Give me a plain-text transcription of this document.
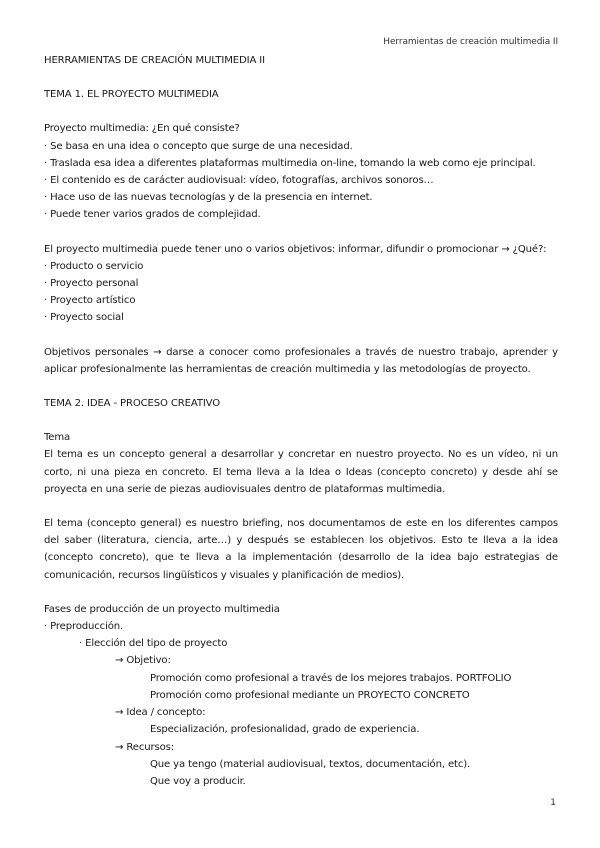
Herramientas de creación multimedia II

HERRAMIENTAS DE CREACIÓN MULTIMEDIA II

TEMA 1. EL PROYECTO MULTIMEDIA

Proyecto multimedia: ¿En qué consiste?

· Se basa en una idea o concepto que surge de una necesidad.

· Traslada esa idea a diferentes plataformas multimedia on-line, tomando la web como eje principal.

· El contenido es de carácter audiovisual: vídeo, fotografías, archivos sonoros…

· Hace uso de las nuevas tecnologías y de la presencia en internet.

· Puede tener varios grados de complejidad.

El proyecto multimedia puede tener uno o varios objetivos: informar, difundir o promocionar → ¿Qué?:

· Producto o servicio

· Proyecto personal

· Proyecto artístico

· Proyecto social

Objetivos personales → darse a conocer como profesionales a través de nuestro trabajo, aprender y aplicar profesionalmente las herramientas de creación multimedia y las metodologías de proyecto.

TEMA 2. IDEA - PROCESO CREATIVO

Tema

El tema es un concepto general a desarrollar y concretar en nuestro proyecto. No es un vídeo, ni un corto, ni una pieza en concreto. El tema lleva a la Idea o Ideas (concepto concreto) y desde ahí se proyecta en una serie de piezas audiovisuales dentro de plataformas multimedia.

El tema (concepto general) es nuestro briefing, nos documentamos de este en los diferentes campos del saber (literatura, ciencia, arte…) y después se establecen los objetivos. Esto te lleva a la idea (concepto concreto), que te lleva a la implementación (desarrollo de la idea bajo estrategias de comunicación, recursos lingüísticos y visuales y planificación de medios).

Fases de producción de un proyecto multimedia

· Preproducción.

· Elección del tipo de proyecto

→ Objetivo:

Promoción como profesional a través de los mejores trabajos. PORTFOLIO

Promoción como profesional mediante un PROYECTO CONCRETO

→ Idea / concepto:

Especialización, profesionalidad, grado de experiencia.

→ Recursos:

Que ya tengo (material audiovisual, textos, documentación, etc).

Que voy a producir.

1
